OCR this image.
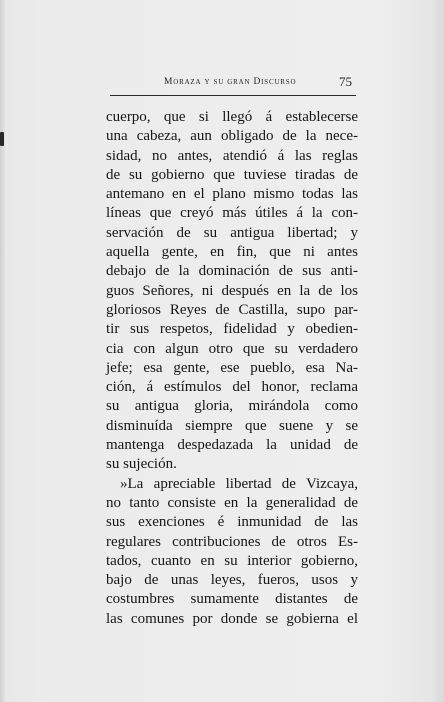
Moraza y su gran Discurso	75
cuerpo, que si llegó á establecerse
una cabeza, aun obligado de la nece-
sidad, no antes, atendió á las reglas
de su gobierno que tuviese tiradas de
antemano en el plano mismo todas las
líneas que creyó más útiles á la con-
servación de su antigua libertad; y
aquella gente, en fin, que ni antes
debajo de la dominación de sus anti-
guos Señores, ni después en la de los
gloriosos Reyes de Castilla, supo par-
tir sus respetos, fidelidad y obedien-
cia con algun otro que su verdadero
jefe; esa gente, ese pueblo, esa Na-
ción, á estímulos del honor, reclama
su antigua gloria, mirándola como
disminuída siempre que suene y se
mantenga despedazada la unidad de
su sujeción.
»La apreciable libertad de Vizcaya,
no tanto consiste en la generalidad de
sus exenciones é inmunidad de las
regulares contribuciones de otros Es-
tados, cuanto en su interior gobierno,
bajo de unas leyes, fueros, usos y
costumbres sumamente distantes de
las comunes por donde se gobierna el
